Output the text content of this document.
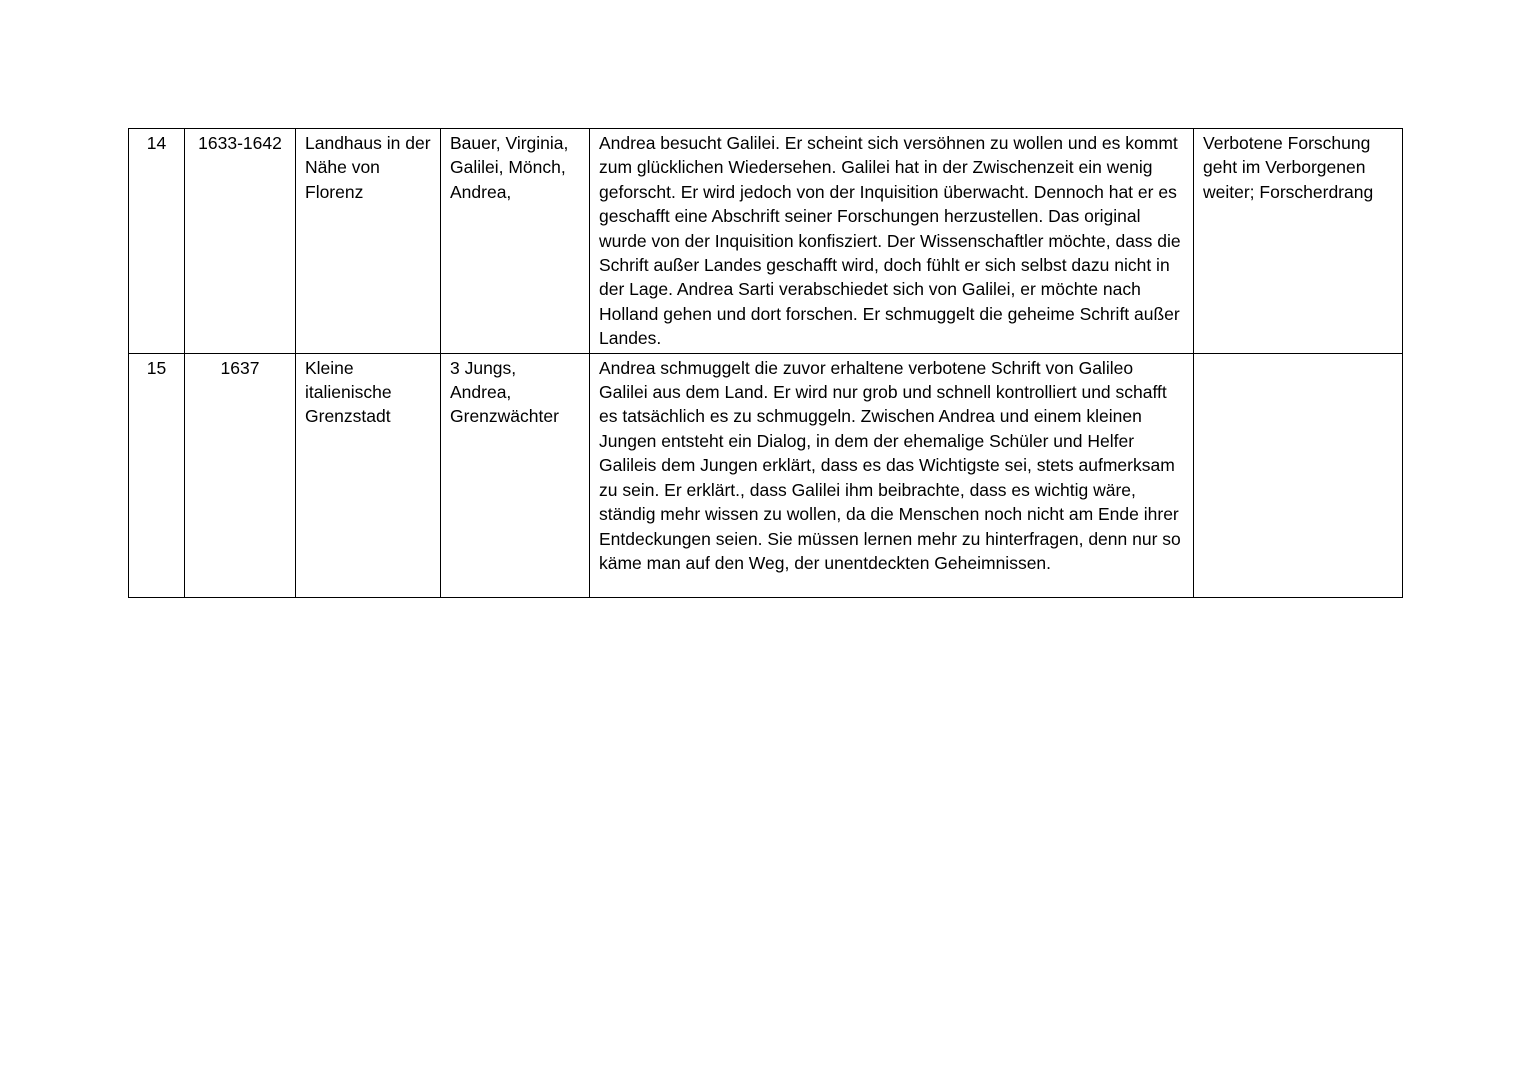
14	1633-1642	Landhaus in der Nähe von Florenz	Bauer, Virginia, Galilei, Mönch, Andrea,	Andrea besucht Galilei. Er scheint sich versöhnen zu wollen und es kommt zum glücklichen Wiedersehen. Galilei hat in der Zwischenzeit ein wenig geforscht. Er wird jedoch von der Inquisition überwacht. Dennoch hat er es geschafft eine Abschrift seiner Forschungen herzustellen. Das original wurde von der Inquisition konfisziert. Der Wissenschaftler möchte, dass die Schrift außer Landes geschafft wird, doch fühlt er sich selbst dazu nicht in der Lage. Andrea Sarti verabschiedet sich von Galilei, er möchte nach Holland gehen und dort forschen. Er schmuggelt die geheime Schrift außer Landes.	Verbotene Forschung geht im Verborgenen weiter; Forscherdrang
15	1637	Kleine italienische Grenzstadt	3 Jungs, Andrea, Grenzwächter	Andrea schmuggelt die zuvor erhaltene verbotene Schrift von Galileo Galilei aus dem Land. Er wird nur grob und schnell kontrolliert und schafft es tatsächlich es zu schmuggeln. Zwischen Andrea und einem kleinen Jungen entsteht ein Dialog, in dem der ehemalige Schüler und Helfer Galileis dem Jungen erklärt, dass es das Wichtigste sei, stets aufmerksam zu sein. Er erklärt., dass Galilei ihm beibrachte, dass es wichtig wäre, ständig mehr wissen zu wollen, da die Menschen noch nicht am Ende ihrer Entdeckungen seien. Sie müssen lernen mehr zu hinterfragen, denn nur so käme man auf den Weg, der unentdeckten Geheimnissen.	
